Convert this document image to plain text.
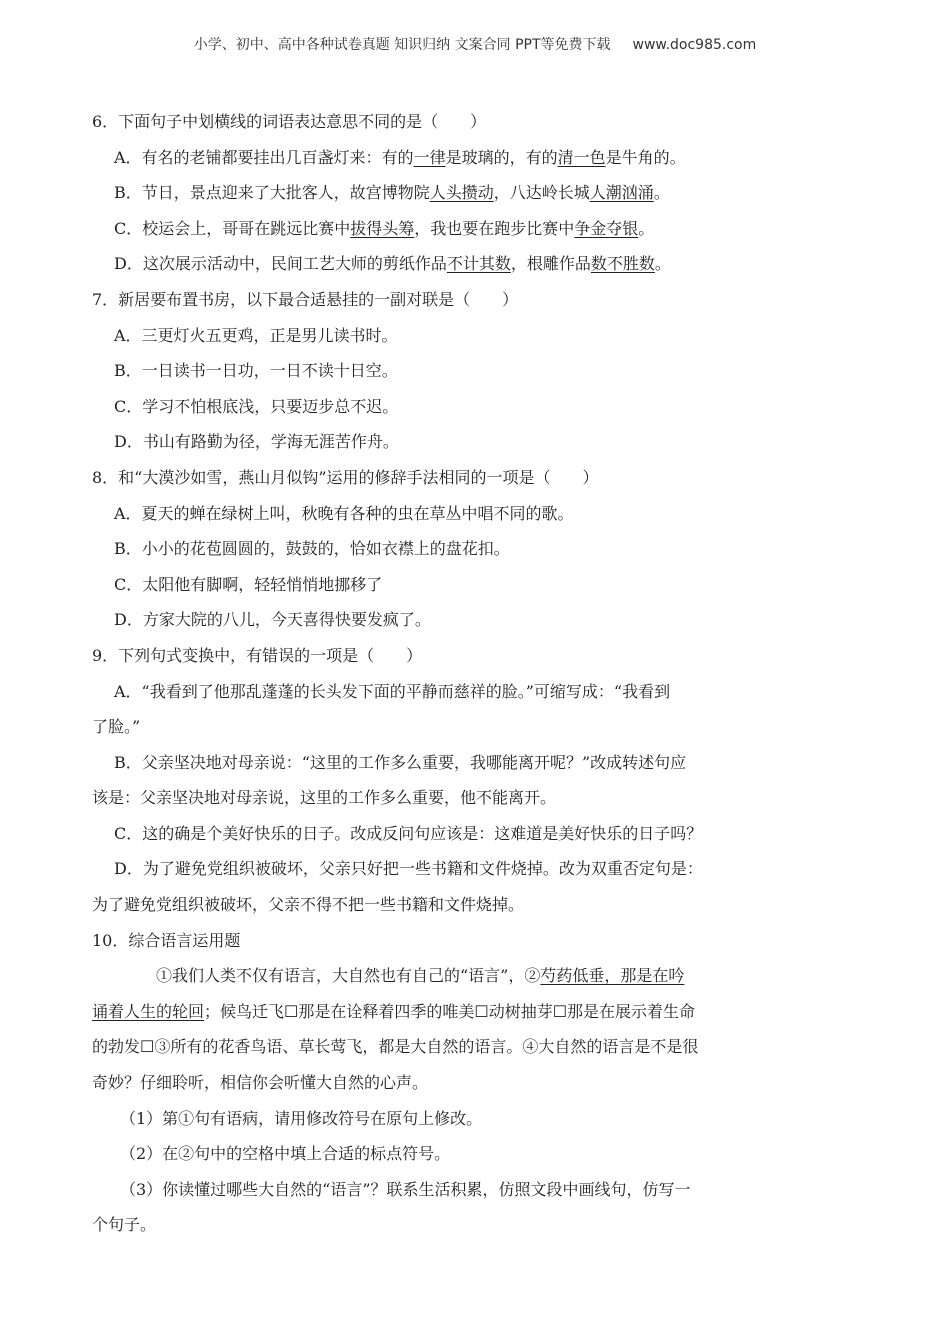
小学、初中、高中各种试卷真题 知识归纳 文案合同 PPT等免费下载 www.doc985.com
6．下面句子中划横线的词语表达意思不同的是（　　）
A．有名的老铺都要挂出几百盏灯来：有的一律是玻璃的，有的清一色是牛角的。
B．节日，景点迎来了大批客人，故宫博物院人头攒动，八达岭长城人潮汹涌。
C．校运会上，哥哥在跳远比赛中拔得头筹，我也要在跑步比赛中争金夺银。
D．这次展示活动中，民间工艺大师的剪纸作品不计其数，根雕作品数不胜数。
7．新居要布置书房，以下最合适悬挂的一副对联是（　　）
A．三更灯火五更鸡，正是男儿读书时。
B．一日读书一日功，一日不读十日空。
C．学习不怕根底浅，只要迈步总不迟。
D．书山有路勤为径，学海无涯苦作舟。
8．和“大漠沙如雪，燕山月似钩”运用的修辞手法相同的一项是（　　）
A．夏天的蝉在绿树上叫，秋晚有各种的虫在草丛中唱不同的歌。
B．小小的花苞圆圆的，鼓鼓的，恰如衣襟上的盘花扣。
C．太阳他有脚啊，轻轻悄悄地挪移了
D．方家大院的八儿，今天喜得快要发疯了。
9．下列句式变换中，有错误的一项是（　　）
A．“我看到了他那乱蓬蓬的长头发下面的平静而慈祥的脸。”可缩写成：“我看到
了脸。”
B．父亲坚决地对母亲说：“这里的工作多么重要，我哪能离开呢？”改成转述句应
该是：父亲坚决地对母亲说，这里的工作多么重要，他不能离开。
C．这的确是个美好快乐的日子。改成反问句应该是：这难道是美好快乐的日子吗？
D．为了避免党组织被破坏，父亲只好把一些书籍和文件烧掉。改为双重否定句是：
为了避免党组织被破坏，父亲不得不把一些书籍和文件烧掉。
10．综合语言运用题
①我们人类不仅有语言，大自然也有自己的“语言”，②芍药低垂，那是在吟
诵着人生的轮回；候鸟迁飞☐那是在诠释着四季的唯美☐动树抽芽☐那是在展示着生命
的勃发☐③所有的花香鸟语、草长莺飞，都是大自然的语言。④大自然的语言是不是很
奇妙？仔细聆听，相信你会听懂大自然的心声。
（1）第①句有语病，请用修改符号在原句上修改。
（2）在②句中的空格中填上合适的标点符号。
（3）你读懂过哪些大自然的“语言”？联系生活积累，仿照文段中画线句，仿写一
个句子。
